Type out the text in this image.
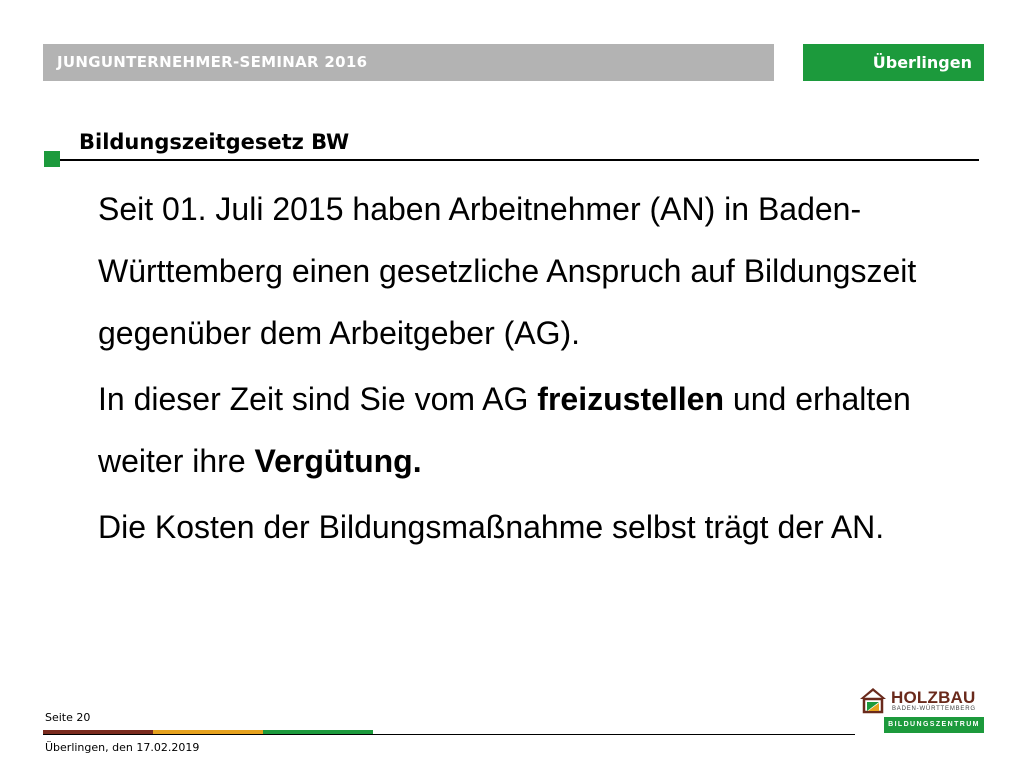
JUNGUNTERNEHMER-SEMINAR 2016	Überlingen
Bildungszeitgesetz BW

Seit 01. Juli 2015 haben Arbeitnehmer (AN) in Baden-Württemberg einen gesetzliche Anspruch auf Bildungszeit gegenüber dem Arbeitgeber (AG).

In dieser Zeit sind Sie vom AG freizustellen und erhalten weiter ihre Vergütung.

Die Kosten der Bildungsmaßnahme selbst trägt der AN.

Seite 20
Überlingen, den 17.02.2019
HOLZBAU
BADEN-WÜRTTEMBERG
BILDUNGSZENTRUM
